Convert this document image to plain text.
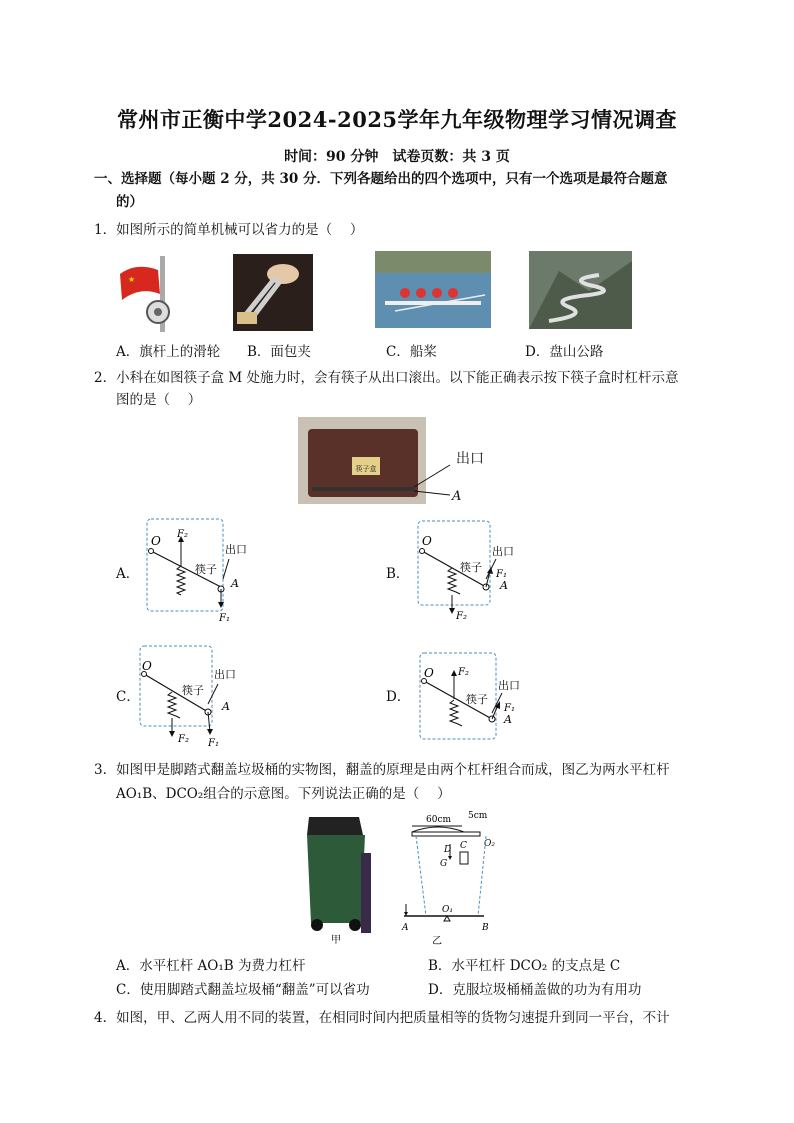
常州市正衡中学2024-2025学年九年级物理学习情况调查
时间：90 分钟　试卷页数：共 3 页
一、选择题（每小题 2 分，共 30 分．下列各题给出的四个选项中，只有一个选项是最符合题意
的）
1．如图所示的简单机械可以省力的是（　 ）
★
A．旗杆上的滑轮 B．面包夹	C．船桨	D．盘山公路
2．小科在如图筷子盒 M 处施力时，会有筷子从出口滚出。以下能正确表示按下筷子盒时杠杆示意
图的是（　 ）
筷子盒
出口
A
A．	B．
C．	D．
O F₂
F₁
筷子
出口
A
O
F₂
F₁
筷子
出口
A
O
F₂ F₁
筷子
出口
A
O F₂
F₁
筷子
出口
A
3．如图甲是脚踏式翻盖垃圾桶的实物图，翻盖的原理是由两个杠杆组合而成，图乙为两水平杠杆
AO₁B、DCO₂组合的示意图。下列说法正确的是（　 ）
甲
60cm 5cm
D C O₂
G
A
O₁
B
乙
A．水平杠杆 AO₁B 为费力杠杆	B．水平杠杆 DCO₂ 的支点是 C
C．使用脚踏式翻盖垃圾桶“翻盖”可以省功	D．克服垃圾桶桶盖做的功为有用功
4．如图，甲、乙两人用不同的装置，在相同时间内把质量相等的货物匀速提升到同一平台，不计
